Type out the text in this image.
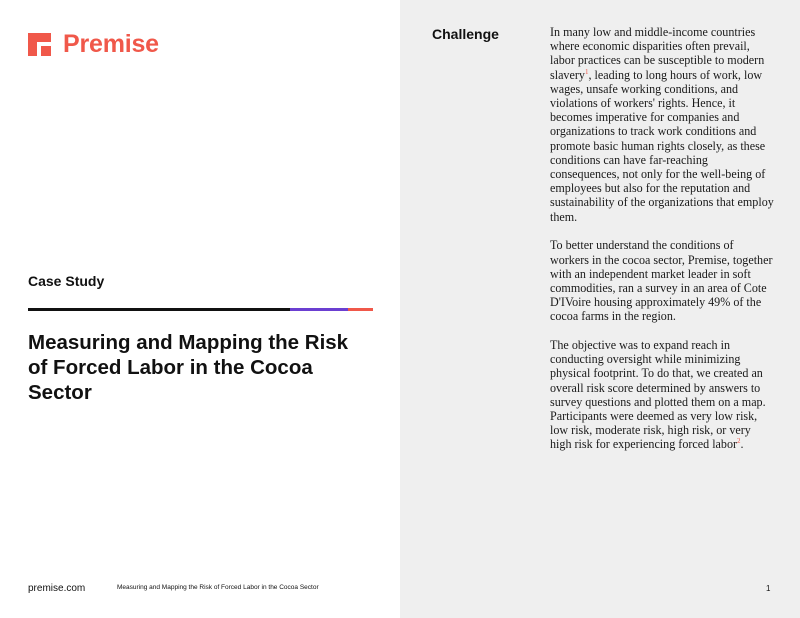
Premise
Case Study
Measuring and Mapping the Risk of Forced Labor in the Cocoa Sector
premise.com	Measuring and Mapping the Risk of Forced Labor in the Cocoa Sector
Challenge	In many low and middle-income countries where economic disparities often prevail, labor practices can be susceptible to modern slavery$^1$, leading to long hours of work, low wages, unsafe working conditions, and violations of workers' rights. Hence, it becomes imperative for companies and organizations to track work conditions and promote basic human rights closely, as these conditions can have far-reaching consequences, not only for the well-being of employees but also for the reputation and sustainability of the organizations that employ them.

To better understand the conditions of workers in the cocoa sector, Premise, together with an independent market leader in soft commodities, ran a survey in an area of Cote D'IVoire housing approximately 49% of the cocoa farms in the region.

The objective was to expand reach in conducting oversight while minimizing physical footprint. To do that, we created an overall risk score determined by answers to survey questions and plotted them on a map. Participants were deemed as very low risk, low risk, moderate risk, high risk, or very high risk for experiencing forced labor$^2$.

1
